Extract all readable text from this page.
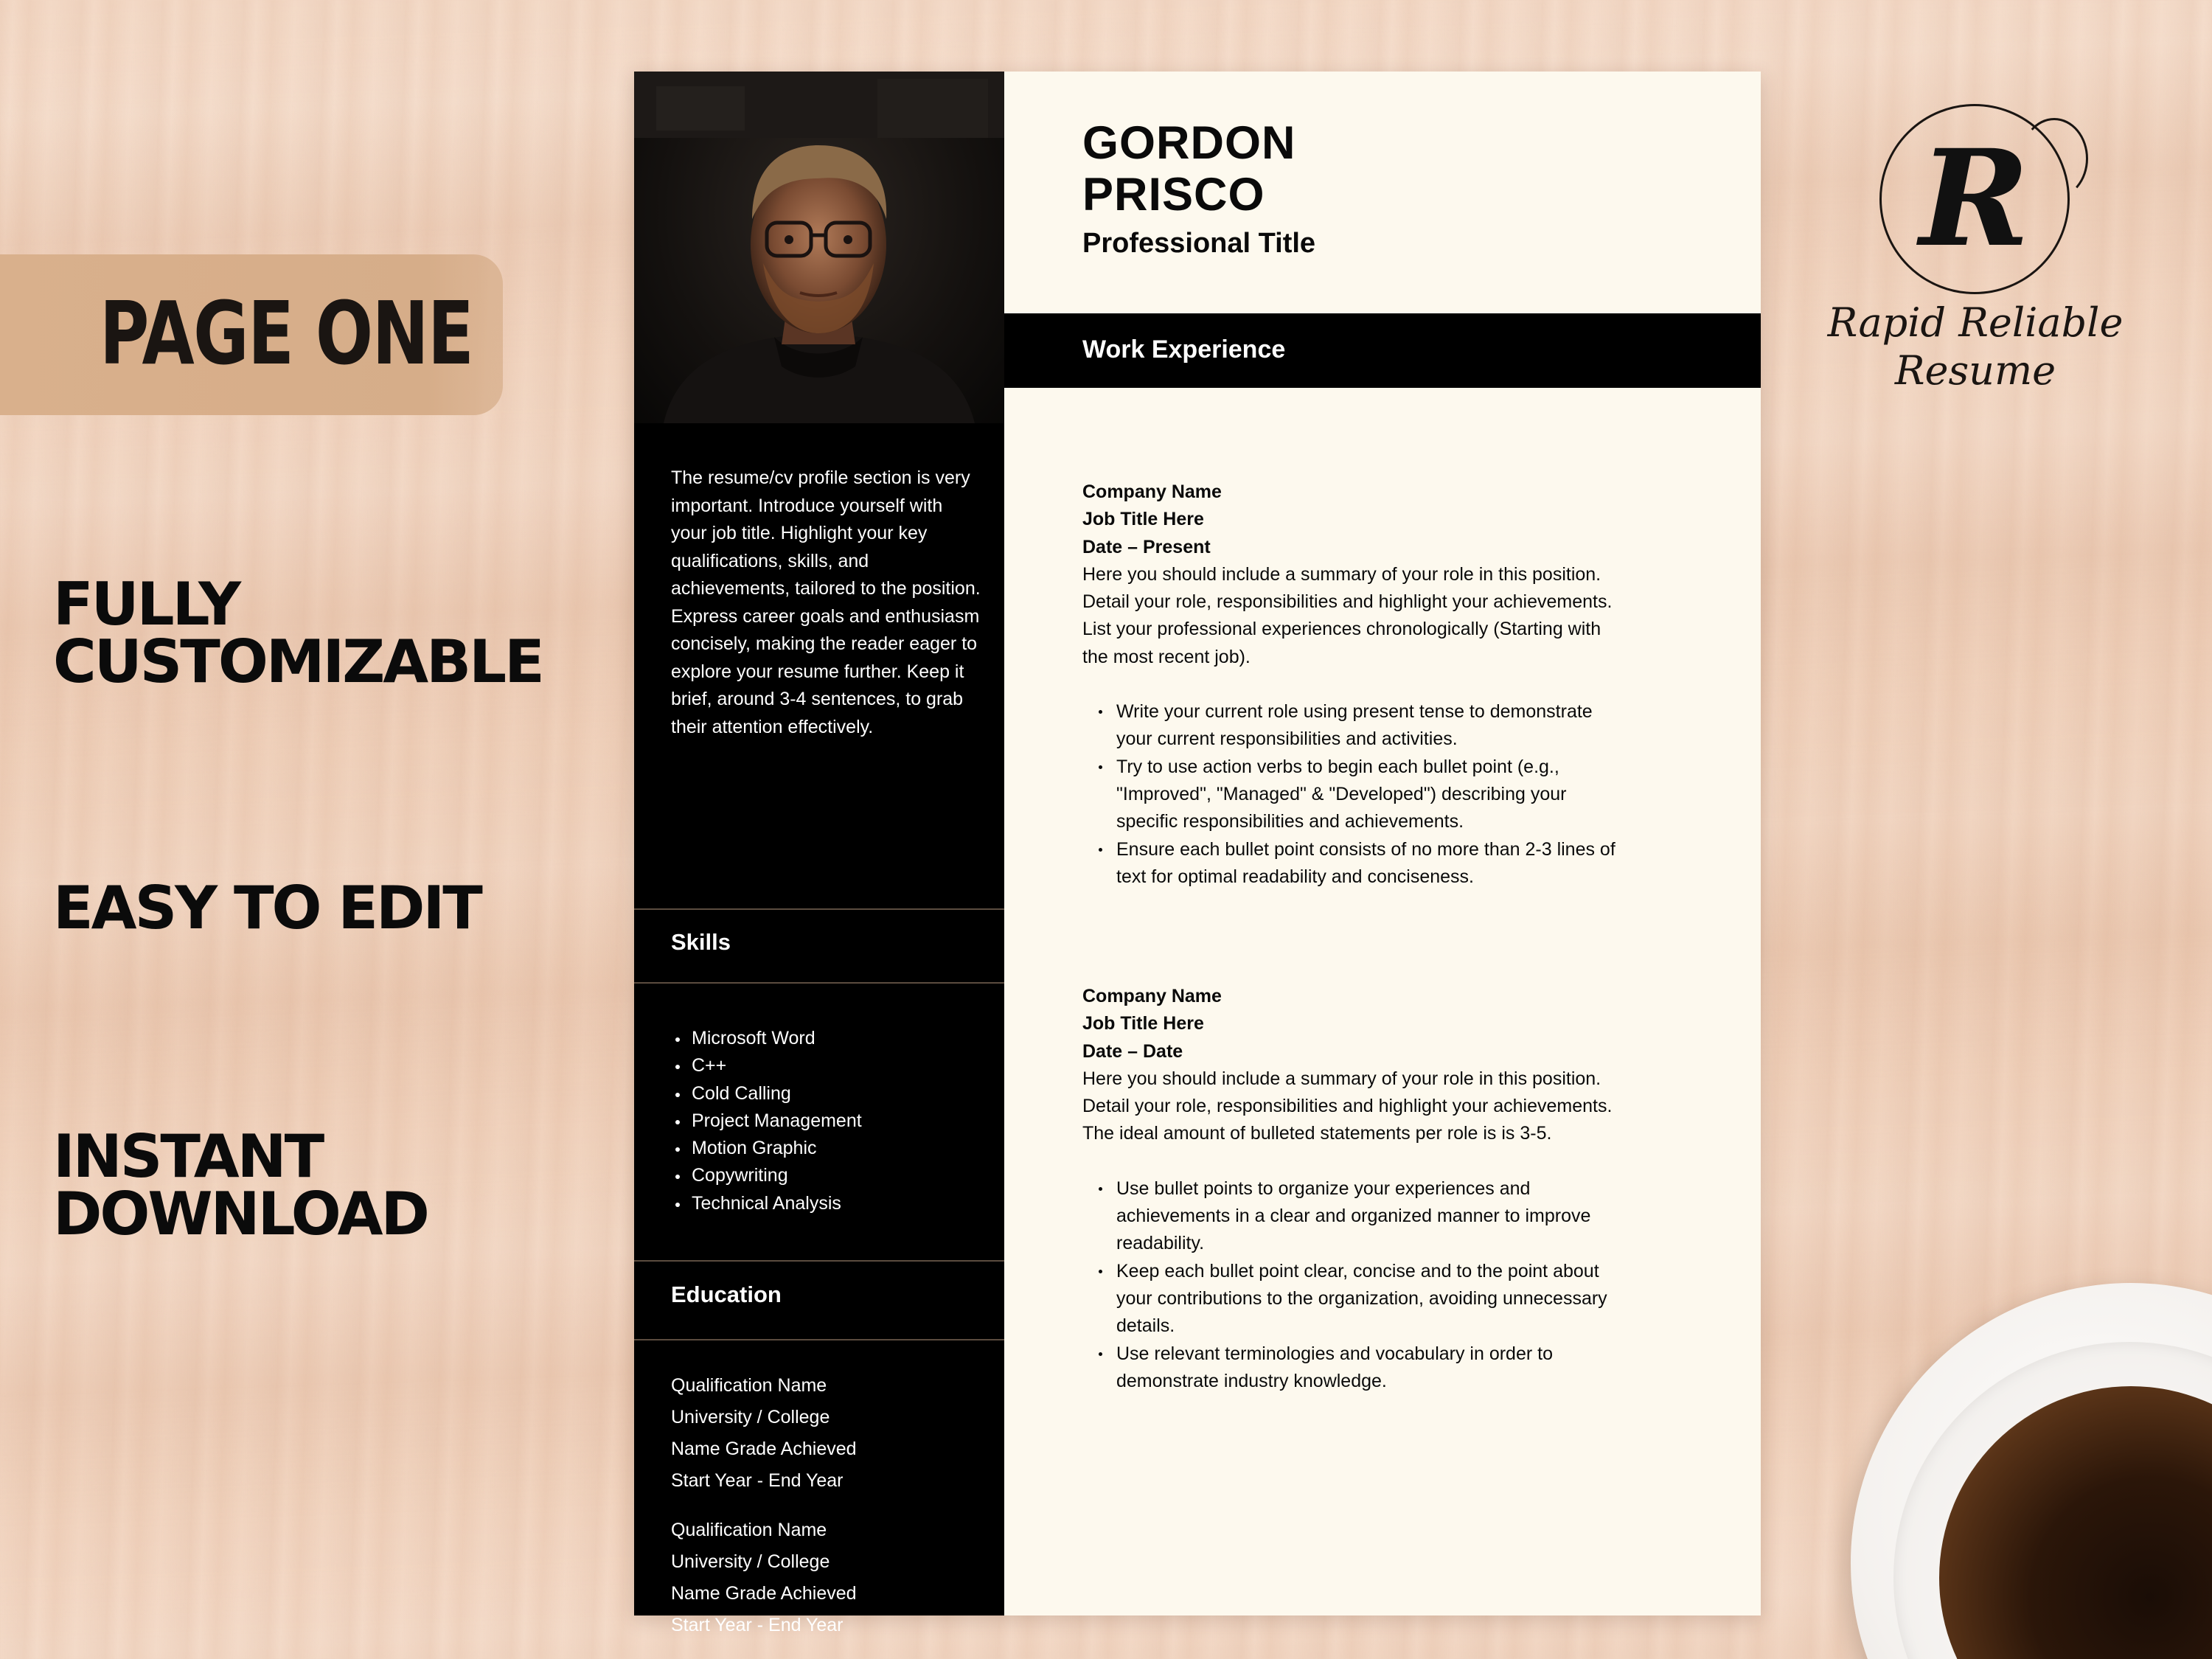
PAGE ONE
FULLY
CUSTOMIZABLE
EASY TO EDIT
INSTANT
DOWNLOAD
The resume/cv profile section is very important. Introduce yourself with your job title. Highlight your key qualifications, skills, and achievements, tailored to the position. Express career goals and enthusiasm concisely, making the reader eager to explore your resume further. Keep it brief, around 3-4 sentences, to grab their attention effectively.
Skills
Microsoft Word
C++
Cold Calling
Project Management
Motion Graphic
Copywriting
Technical Analysis
Education
Qualification Name
University / College
Name Grade Achieved
Start Year - End Year
Qualification Name
University / College
Name Grade Achieved
Start Year - End Year
GORDON
PRISCO
Professional Title
Work Experience
Company Name
Job Title Here
Date – Present
Here you should include a summary of your role in this position. Detail your role, responsibilities and highlight your achievements. List your professional experiences chronologically (Starting with the most recent job).
Write your current role using present tense to demonstrate your current responsibilities and activities.
Try to use action verbs to begin each bullet point (e.g., "Improved", "Managed" & "Developed") describing your specific responsibilities and achievements.
Ensure each bullet point consists of no more than 2-3 lines of text for optimal readability and conciseness.
Company Name
Job Title Here
Date – Date
Here you should include a summary of your role in this position. Detail your role, responsibilities and highlight your achievements. The ideal amount of bulleted statements per role is is 3-5.
Use bullet points to organize your experiences and achievements in a clear and organized manner to improve readability.
Keep each bullet point clear, concise and to the point about your contributions to the organization, avoiding unnecessary details.
Use relevant terminologies and vocabulary in order to demonstrate industry knowledge.
R
Rapid Reliable
Resume
